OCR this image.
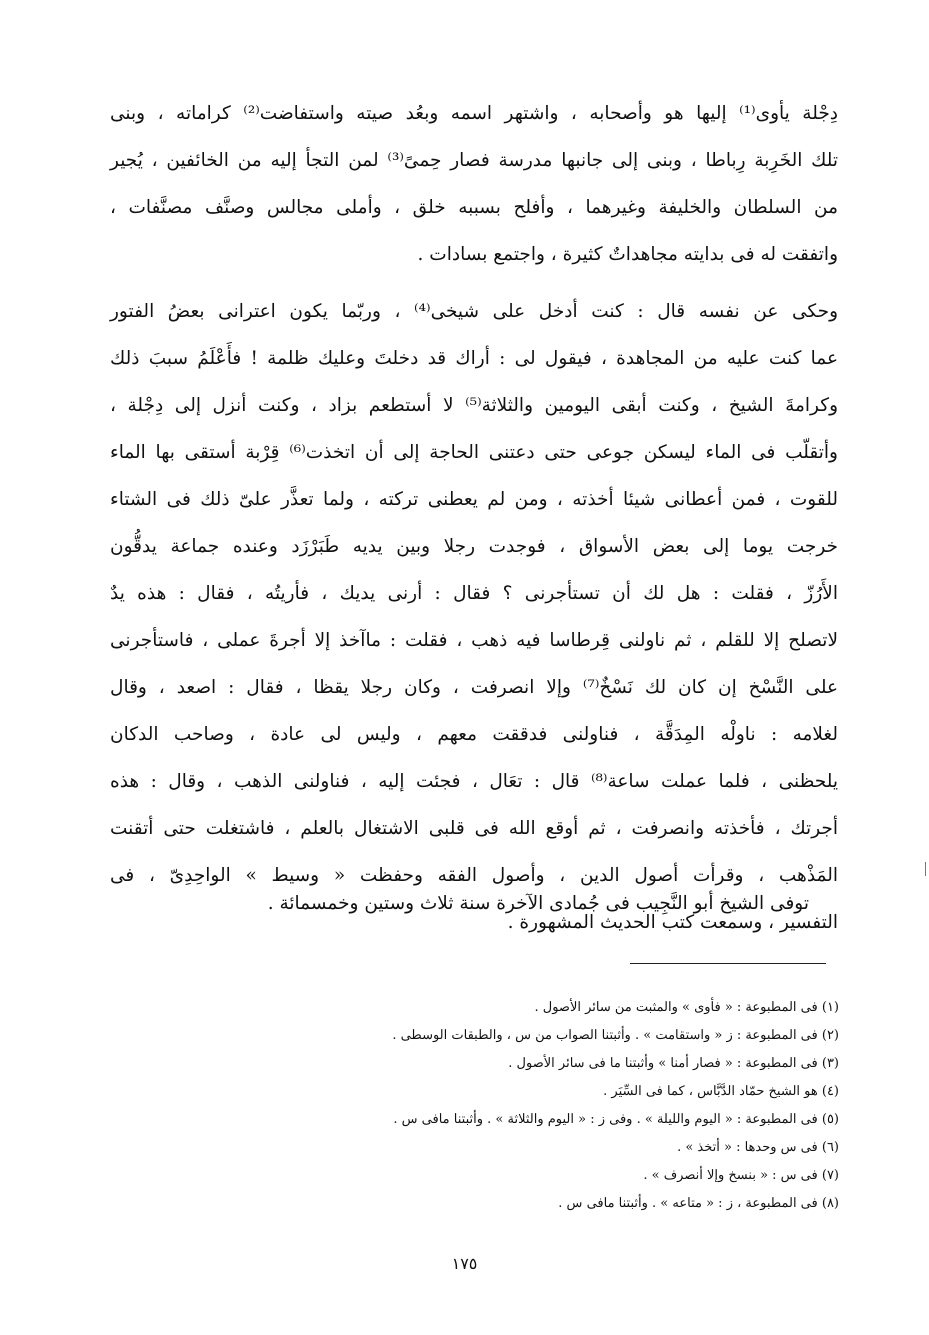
دِجْلة يأوى⁽¹⁾ إليها هو وأصحابه ، واشتهر اسمه وبعُد صيته واستفاضت⁽²⁾ كراماته ، وبنى
تلك الخَرِبة رِباطا ، وبنى إلى جانبها مدرسة فصار حِمىً⁽³⁾ لمن التجأ إليه من الخائفين ، يُجير
من السلطان والخليفة وغيرهما ، وأفلح بسببه خلق ، وأملى مجالس وصنَّف مصنَّفات ،
واتفقت له فى بدايته مجاهداتٌ كثيرة ، واجتمع بسادات .

وحكى عن نفسه قال : كنت أدخل على شيخى⁽⁴⁾ ، وربّما يكون اعترانى بعضُ الفتور
عما كنت عليه من المجاهدة ، فيقول لى : أراك قد دخلتَ وعليك ظلمة ! فأَعْلَمُ سببَ ذلك
وكرامةَ الشيخ ، وكنت أبقى اليومين والثلاثة⁽⁵⁾ لا أستطعم بزاد ، وكنت أنزل إلى دِجْلة ،
وأتقلّب فى الماء ليسكن جوعى حتى دعتنى الحاجة إلى أن اتخذت⁽⁶⁾ قِرْبة أستقى بها الماء
للقوت ، فمن أعطانى شيئا أخذته ، ومن لم يعطنى تركته ، ولما تعذَّر علىّ ذلك فى الشتاء
خرجت يوما إلى بعض الأسواق ، فوجدت رجلا وبين يديه طَبَرْزَد وعنده جماعة يدقُّون
الأَرُزّ ، فقلت : هل لك أن تستأجرنى ؟ فقال : أرنى يديك ، فأريتُه ، فقال : هذه يدٌ
لاتصلح إلا للقلم ، ثم ناولنى قِرطاسا فيه ذهب ، فقلت : ماآخذ إلا أجرةَ عملى ، فاستأجرنى
على النَّسْخ إن كان لك نَسْخٌ⁽⁷⁾ وإلا انصرفت ، وكان رجلا يقظا ، فقال : اصعد ، وقال
لغلامه : ناولْه المِدَقَّة ، فناولنى فدققت معهم ، وليس لى عادة ، وصاحب الدكان
يلحظنى ، فلما عملت ساعة⁽⁸⁾ قال : تعَال ، فجئت إليه ، فناولنى الذهب ، وقال : هذه
أجرتك ، فأخذته وانصرفت ، ثم أوقع الله فى قلبى الاشتغال بالعلم ، فاشتغلت حتى أتقنت
المَذْهب ، وقرأت أصول الدين ، وأصول الفقه وحفظت « وسيط » الواحِدِىّ ، فى
التفسير ، وسمعت كتب الحديث المشهورة .

توفى الشيخ أبو النَّجِيب فى جُمادى الآخرة سنة ثلاث وستين وخمسمائة .
(١) فى المطبوعة : « فأوى » والمثبت من سائر الأصول .
(٢) فى المطبوعة : ز « واستقامت » . وأثبتنا الصواب من س ، والطبقات الوسطى .
(٣) فى المطبوعة : « فصار أمنا » وأثبتنا ما فى سائر الأصول .
(٤) هو الشيخ حمّاد الدَّبَّاس ، كما فى السِّيَر .
(٥) فى المطبوعة : « اليوم والليلة » . وفى ز : « اليوم والثلاثة » . وأثبتنا مافى س .
(٦) فى س وحدها : « أتخذ » .
(٧) فى س : « بنسخ وإلا أنصرف » .
(٨) فى المطبوعة ، ز : « متاعه » . وأثبتنا مافى س .
١٧٥
